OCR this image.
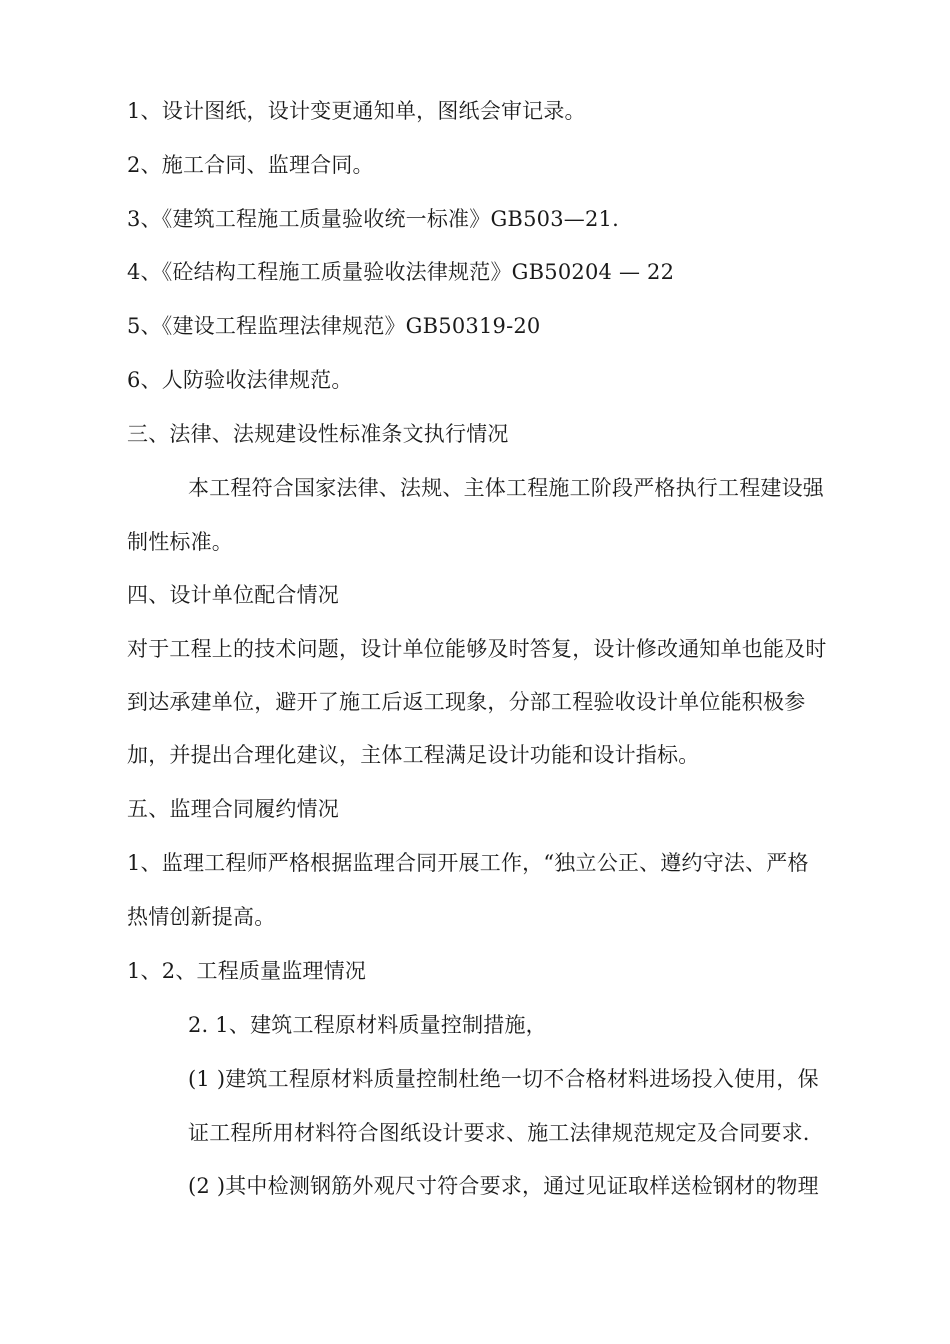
1、设计图纸，设计变更通知单，图纸会审记录。
2、施工合同、监理合同。
3、《建筑工程施工质量验收统一标准》GB503—21.
4、《砼结构工程施工质量验收法律规范》GB50204 — 22
5、《建设工程监理法律规范》GB50319-20
6、人防验收法律规范。
三、法律、法规建设性标准条文执行情况
本工程符合国家法律、法规、主体工程施工阶段严格执行工程建设强
制性标准。
四、设计单位配合情况
对于工程上的技术问题，设计单位能够及时答复，设计修改通知单也能及时
到达承建单位，避开了施工后返工现象，分部工程验收设计单位能积极参
加，并提出合理化建议，主体工程满足设计功能和设计指标。
五、监理合同履约情况
1、监理工程师严格根据监理合同开展工作，“独立公正、遵约守法、严格
热情创新提高。
1、2、工程质量监理情况
2. 1、建筑工程原材料质量控制措施，
(1 )建筑工程原材料质量控制杜绝一切不合格材料进场投入使用，保
证工程所用材料符合图纸设计要求、施工法律规范规定及合同要求.
(2 )其中检测钢筋外观尺寸符合要求，通过见证取样送检钢材的物理
